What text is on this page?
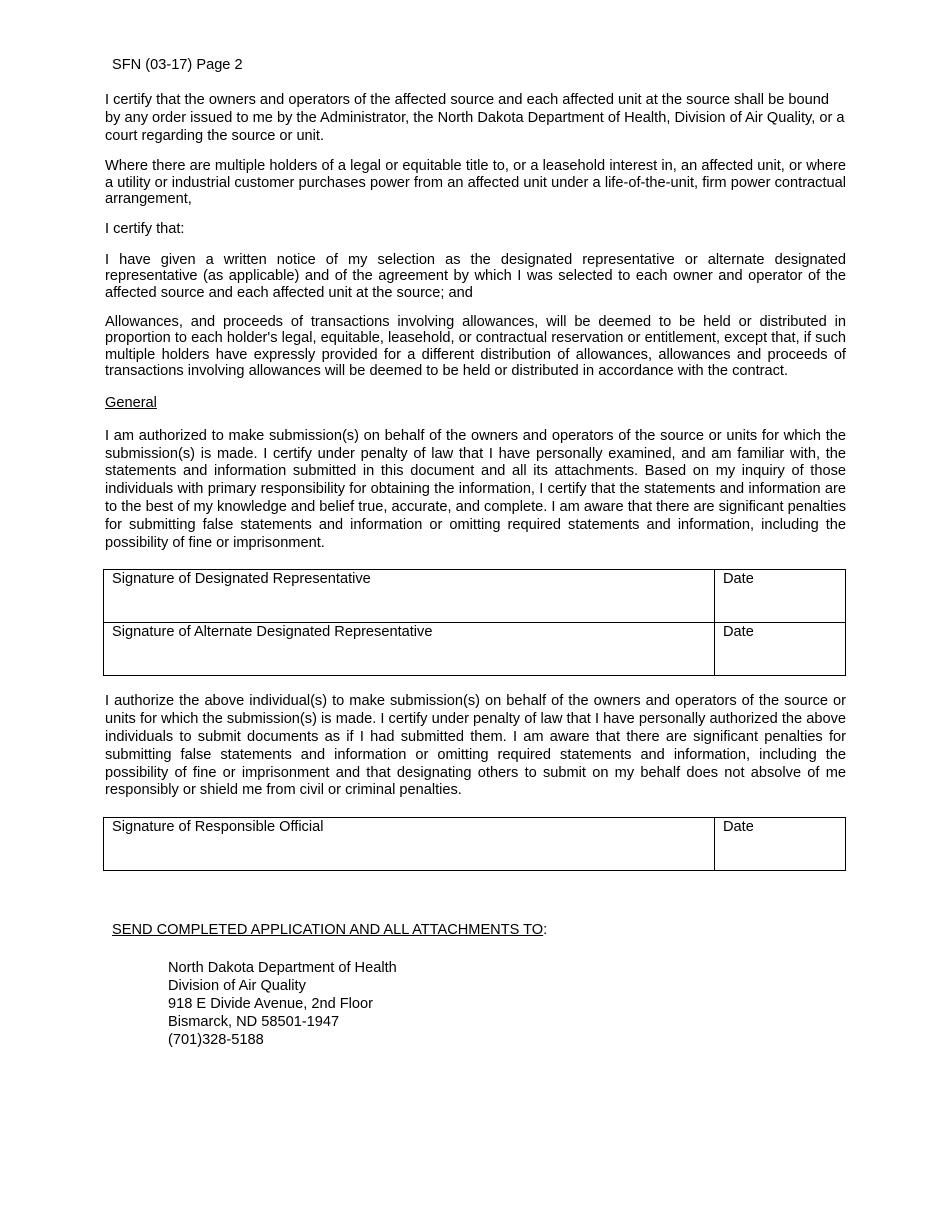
SFN (03-17) Page 2

I certify that the owners and operators of the affected source and each affected unit at the source shall be bound by any order issued to me by the Administrator, the North Dakota Department of Health, Division of Air Quality, or a court regarding the source or unit.

Where there are multiple holders of a legal or equitable title to, or a leasehold interest in, an affected unit, or where a utility or industrial customer purchases power from an affected unit under a life-of-the-unit, firm power contractual arrangement,

I certify that:

I have given a written notice of my selection as the designated representative or alternate designated representative (as applicable) and of the agreement by which I was selected to each owner and operator of the affected source and each affected unit at the source; and

Allowances, and proceeds of transactions involving allowances, will be deemed to be held or distributed in proportion to each holder's legal, equitable, leasehold, or contractual reservation or entitlement, except that, if such multiple holders have expressly provided for a different distribution of allowances, allowances and proceeds of transactions involving allowances will be deemed to be held or distributed in accordance with the contract.

General

I am authorized to make submission(s) on behalf of the owners and operators of the source or units for which the submission(s) is made. I certify under penalty of law that I have personally examined, and am familiar with, the statements and information submitted in this document and all its attachments. Based on my inquiry of those individuals with primary responsibility for obtaining the information, I certify that the statements and information are to the best of my knowledge and belief true, accurate, and complete. I am aware that there are significant penalties for submitting false statements and information or omitting required statements and information, including the possibility of fine or imprisonment.

Signature of Designated Representative	Date

Signature of Alternate Designated Representative	Date

I authorize the above individual(s) to make submission(s) on behalf of the owners and operators of the source or units for which the submission(s) is made. I certify under penalty of law that I have personally authorized the above individuals to submit documents as if I had submitted them. I am aware that there are significant penalties for submitting false statements and information or omitting required statements and information, including the possibility of fine or imprisonment and that designating others to submit on my behalf does not absolve of me responsibly or shield me from civil or criminal penalties.

Signature of Responsible Official	Date

SEND COMPLETED APPLICATION AND ALL ATTACHMENTS TO:

North Dakota Department of Health
Division of Air Quality
918 E Divide Avenue, 2nd Floor
Bismarck, ND 58501-1947
(701)328-5188
